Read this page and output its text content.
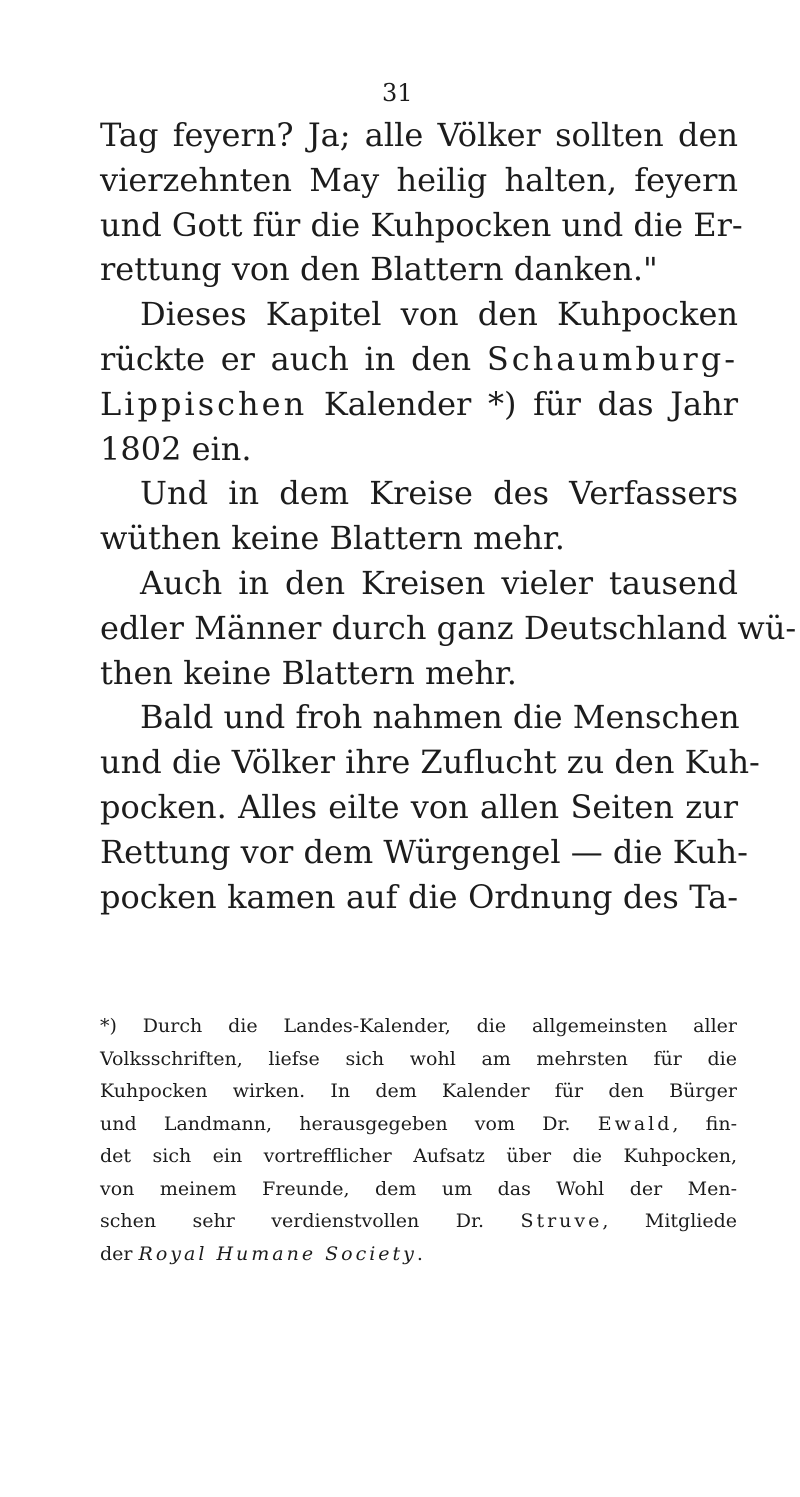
31
Tag feyern? Ja; alle Völker sollten den
vierzehnten May heilig halten, feyern
und Gott für die Kuhpocken und die Er-
rettung von den Blattern danken."
Dieses Kapitel von den Kuhpocken
rückte er auch in den Schaumburg-
Lippischen Kalender *) für das Jahr
1802 ein.
Und in dem Kreise des Verfassers
wüthen keine Blattern mehr.
Auch in den Kreisen vieler tausend
edler Männer durch ganz Deutschland wü-
then keine Blattern mehr.
Bald und froh nahmen die Menschen
und die Völker ihre Zuflucht zu den Kuh-
pocken. Alles eilte von allen Seiten zur
Rettung vor dem Würgengel — die Kuh-
pocken kamen auf die Ordnung des Ta-
*) Durch die Landes-Kalender, die allgemeinsten aller
Volksschriften, liefse sich wohl am mehrsten für die
Kuhpocken wirken. In dem Kalender für den Bürger
und Landmann, herausgegeben vom Dr. Ewald, fin-
det sich ein vortrefflicher Aufsatz über die Kuhpocken,
von meinem Freunde, dem um das Wohl der Men-
schen sehr verdienstvollen Dr. Struve, Mitgliede
der Royal Humane Society.
